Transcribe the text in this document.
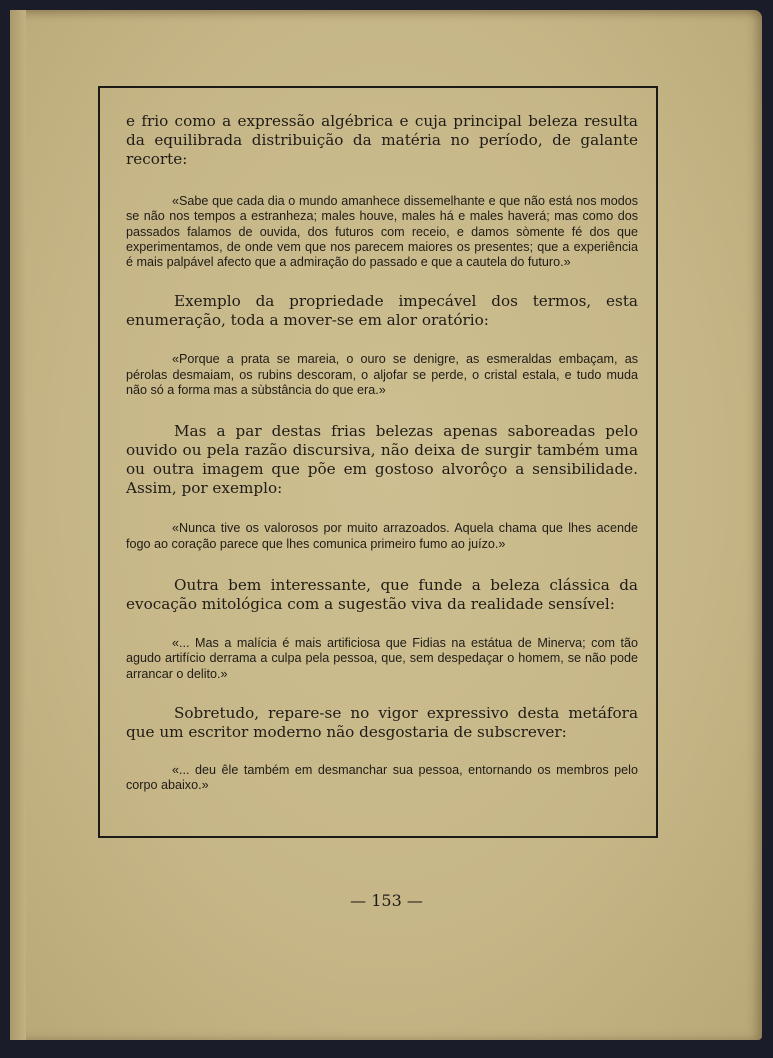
e frio como a expressão algébrica e cuja principal beleza resulta da equilibrada distribuição da matéria no período, de galante recorte:

«Sabe que cada dia o mundo amanhece dissemelhante e que não está nos modos se não nos tempos a estranheza; males houve, males há e males haverá; mas como dos passados falamos de ouvida, dos futuros com receio, e damos sòmente fé dos que experimentamos, de onde vem que nos parecem maiores os presentes; que a experiência é mais palpável afecto que a admiração do passado e que a cautela do futuro.»

Exemplo da propriedade impecável dos termos, esta enumeração, toda a mover-se em alor oratório:

«Porque a prata se mareia, o ouro se denigre, as esmeraldas embaçam, as pérolas desmaiam, os rubins descoram, o aljofar se perde, o cristal estala, e tudo muda não só a forma mas a sùbstância do que era.»

Mas a par destas frias belezas apenas saboreadas pelo ouvido ou pela razão discursiva, não deixa de surgir também uma ou outra imagem que põe em gostoso alvorôço a sensibilidade. Assim, por exemplo:

«Nunca tive os valorosos por muito arrazoados. Aquela chama que lhes acende fogo ao coração parece que lhes comunica primeiro fumo ao juízo.»

Outra bem interessante, que funde a beleza clássica da evocação mitológica com a sugestão viva da realidade sensível:

«... Mas a malícia é mais artificiosa que Fidias na estátua de Minerva; com tão agudo artifício derrama a culpa pela pessoa, que, sem despedaçar o homem, se não pode arrancar o delito.»

Sobretudo, repare-se no vigor expressivo desta metáfora que um escritor moderno não desgostaria de subscrever:

«... deu êle também em desmanchar sua pessoa, entornando os membros pelo corpo abaixo.»

— 153 —
